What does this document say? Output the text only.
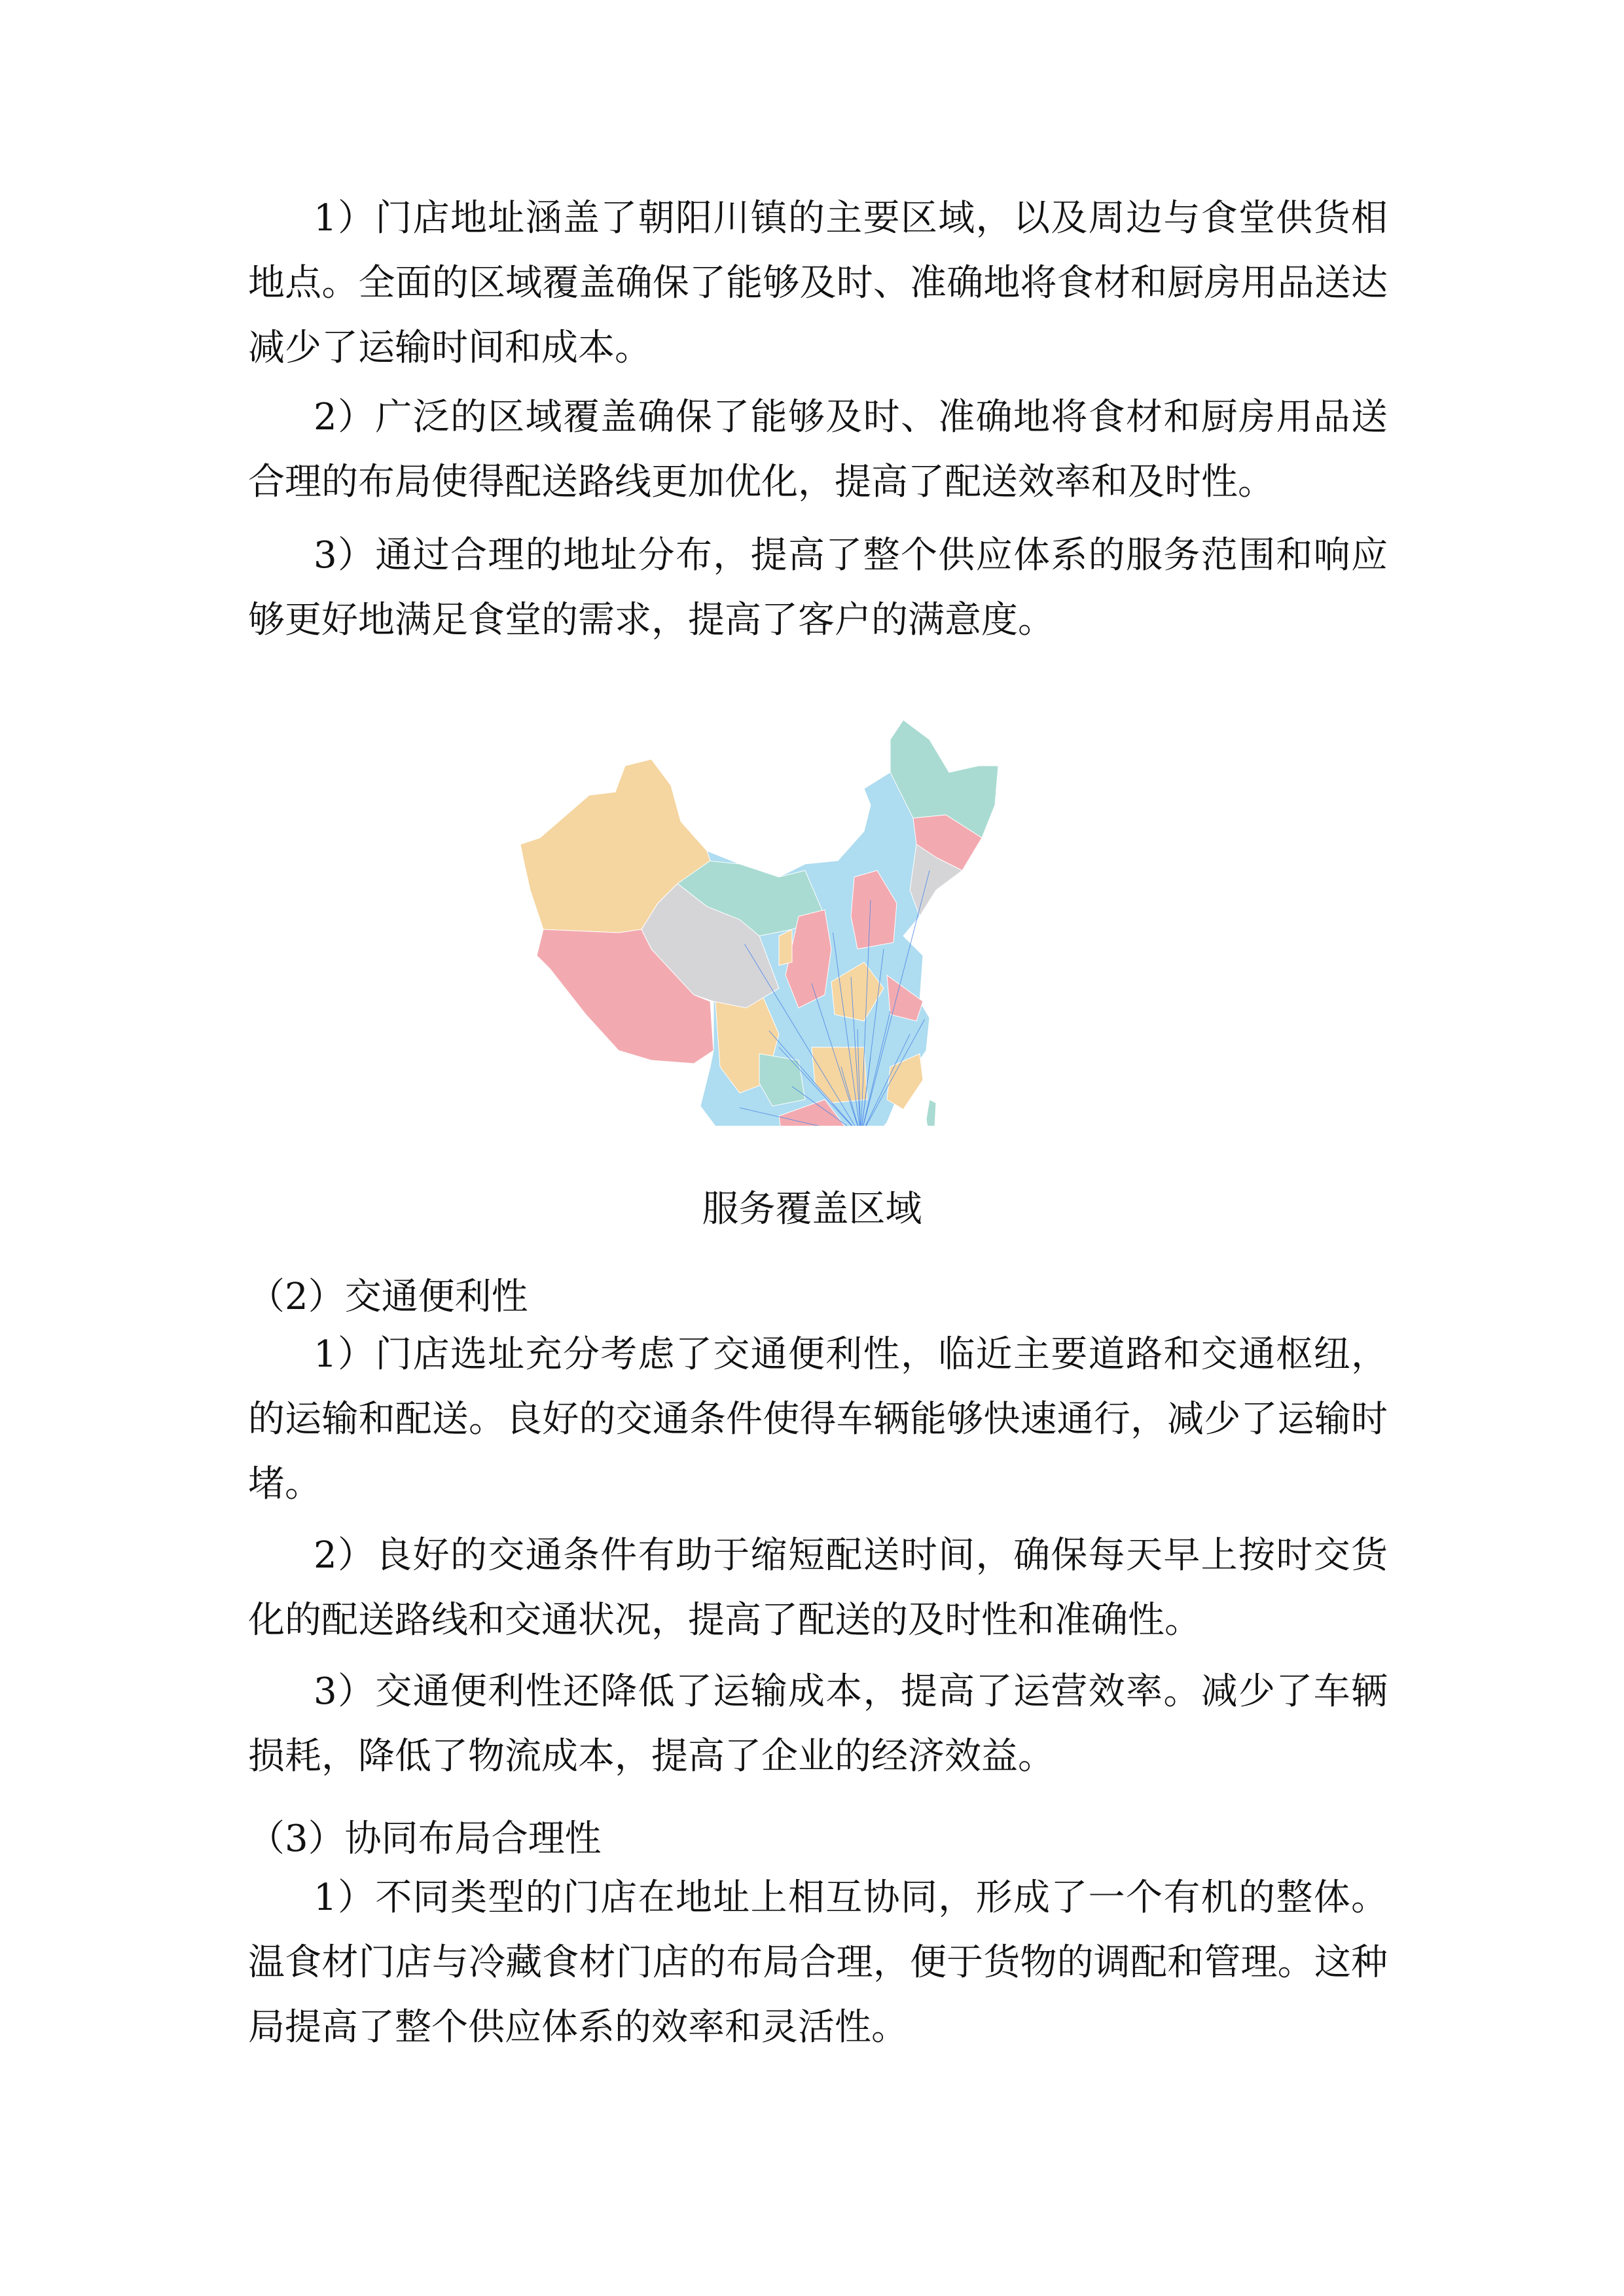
1）门店地址涵盖了朝阳川镇的主要区域，以及周边与食堂供货相
地点。全面的区域覆盖确保了能够及时、准确地将食材和厨房用品送达
减少了运输时间和成本。
2）广泛的区域覆盖确保了能够及时、准确地将食材和厨房用品送
合理的布局使得配送路线更加优化，提高了配送效率和及时性。
3）通过合理的地址分布，提高了整个供应体系的服务范围和响应
够更好地满足食堂的需求，提高了客户的满意度。
服务覆盖区域
（2）交通便利性
1）门店选址充分考虑了交通便利性，临近主要道路和交通枢纽，
的运输和配送。良好的交通条件使得车辆能够快速通行，减少了运输时
堵。
2）良好的交通条件有助于缩短配送时间，确保每天早上按时交货
化的配送路线和交通状况，提高了配送的及时性和准确性。
3）交通便利性还降低了运输成本，提高了运营效率。减少了车辆
损耗，降低了物流成本，提高了企业的经济效益。
（3）协同布局合理性
1）不同类型的门店在地址上相互协同，形成了一个有机的整体。
温食材门店与冷藏食材门店的布局合理，便于货物的调配和管理。这种
局提高了整个供应体系的效率和灵活性。
